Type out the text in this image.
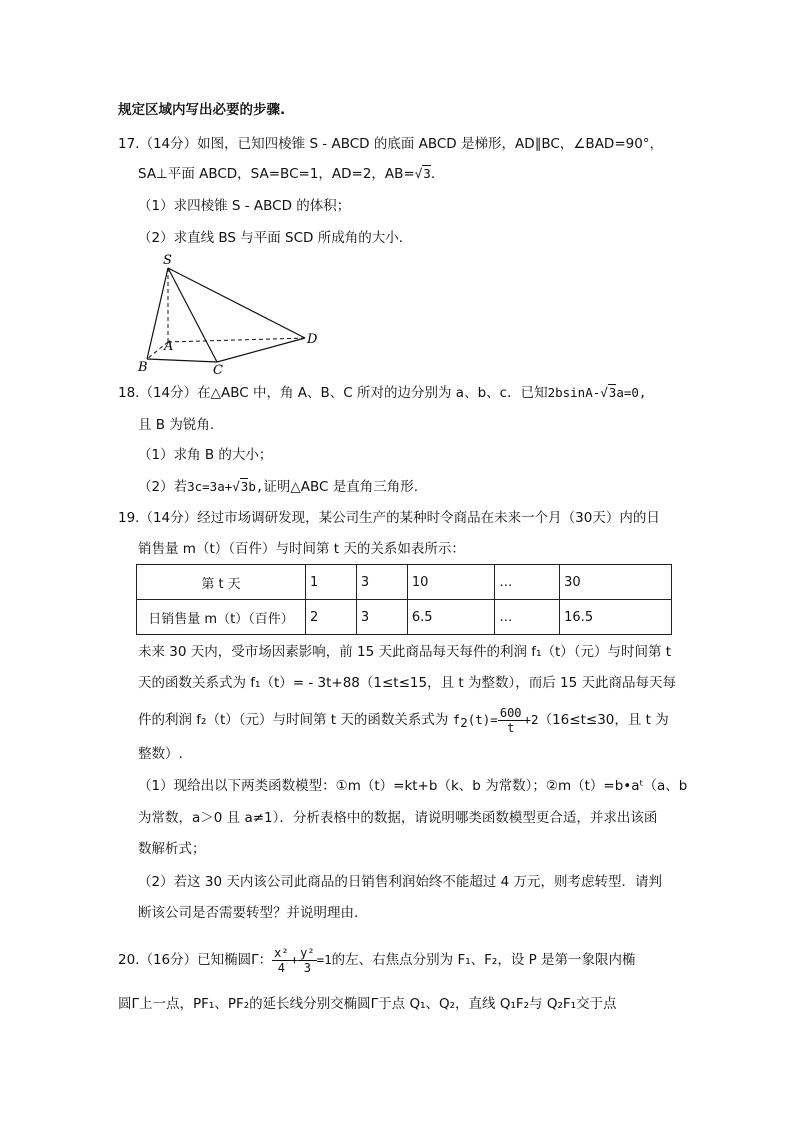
规定区域内写出必要的步骤.
17.（14分）如图，已知四棱锥 S - ABCD 的底面 ABCD 是梯形，AD∥BC，∠BAD=90°，
SA⊥平面 ABCD，SA=BC=1，AD=2，AB=√3.
（1）求四棱锥 S - ABCD 的体积；
（2）求直线 BS 与平面 SCD 所成角的大小.
S
A
B	C
D
18.（14分）在△ABC 中，角 A、B、C 所对的边分别为 a、b、c．已知2bsinA-√3a=0,
且 B 为锐角.
（1）求角 B 的大小；
（2）若3c=3a+√3b,证明△ABC 是直角三角形.
19.（14分）经过市场调研发现，某公司生产的某种时令商品在未来一个月（30天）内的日
销售量 m（t）（百件）与时间第 t 天的关系如表所示：
第 t 天	1	3	10	…	30
日销售量 m（t）（百件）	2	3	6.5	…	16.5
未来 30 天内，受市场因素影响，前 15 天此商品每天每件的利润 f₁（t）（元）与时间第 t
天的函数关系式为 f₁（t）= - 3t+88（1≤t≤15，且 t 为整数），而后 15 天此商品每天每
件的利润 f₂（t）（元）与时间第 t 天的函数关系式为 $f2(t)= \frac{600}{t} +2(16\le t\le 30$，且 t 为
整数）.
（1）现给出以下两类函数模型：①m（t）=kt+b（k、b 为常数）；②m（t）=b•aᵗ（a、b
为常数，a＞0 且 a≠1）．分析表格中的数据，请说明哪类函数模型更合适，并求出该函
数解析式；
（2）若这 30 天内该公司此商品的日销售利润始终不能超过 4 万元，则考虑转型．请判
断该公司是否需要转型？并说明理由.
20.（16分）已知椭圆Γ： $\frac{\text{x²}}{4} + \frac{\text{y²}}{3} =1$的左、右焦点分别为 F₁、F₂，设 P 是第一象限内椭
圆Γ上一点，PF₁、PF₂的延长线分别交椭圆Γ于点 Q₁、Q₂，直线 Q₁F₂与 Q₂F₁交于点
